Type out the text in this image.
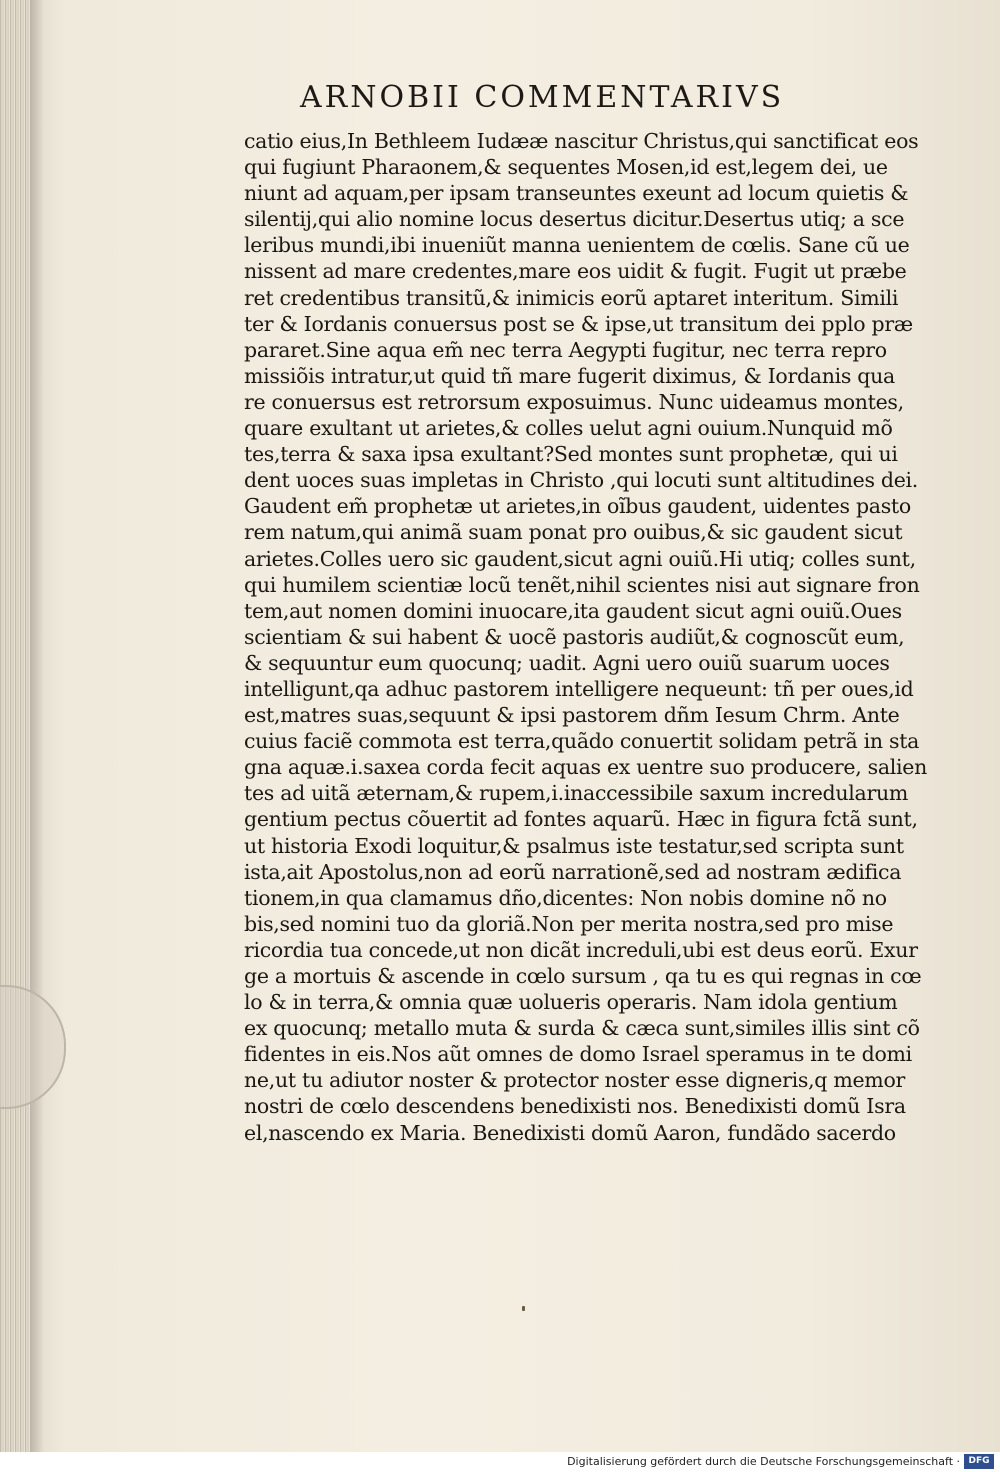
ARNOBII COMMENTARIVS
catio eius,In Bethleem Iudææ nascitur Christus,qui sanctificat eos
qui fugiunt Pharaonem,& sequentes Mosen,id est,legem dei, ue
niunt ad aquam,per ipsam transeuntes exeunt ad locum quietis &
silentij,qui alio nomine locus desertus dicitur.Desertus utiq; a sce
leribus mundi,ibi inueniũt manna uenientem de cœlis. Sane cũ ue
nissent ad mare credentes,mare eos uidit & fugit. Fugit ut præbe
ret credentibus transitũ,& inimicis eorũ aptaret interitum. Simili
ter & Iordanis conuersus post se & ipse,ut transitum dei pplo præ
pararet.Sine aqua em̃ nec terra Aegypti fugitur, nec terra repro
missiõis intratur,ut quid tñ mare fugerit diximus, & Iordanis qua
re conuersus est retrorsum exposuimus. Nunc uideamus montes,
quare exultant ut arietes,& colles uelut agni ouium.Nunquid mõ
tes,terra & saxa ipsa exultant?Sed montes sunt prophetæ, qui ui
dent uoces suas impletas in Christo ,qui locuti sunt altitudines dei.
Gaudent em̃ prophetæ ut arietes,in oĩbus gaudent, uidentes pasto
rem natum,qui animã suam ponat pro ouibus,& sic gaudent sicut
arietes.Colles uero sic gaudent,sicut agni ouiũ.Hi utiq; colles sunt,
qui humilem scientiæ locũ tenẽt,nihil scientes nisi aut signare fron
tem,aut nomen domini inuocare,ita gaudent sicut agni ouiũ.Oues
scientiam & sui habent & uocẽ pastoris audiũt,& cognoscũt eum,
& sequuntur eum quocunq; uadit. Agni uero ouiũ suarum uoces
intelligunt,qa adhuc pastorem intelligere nequeunt: tñ per oues,id
est,matres suas,sequunt & ipsi pastorem dñm Iesum Chrm. Ante
cuius faciẽ commota est terra,quãdo conuertit solidam petrã in sta
gna aquæ.i.saxea corda fecit aquas ex uentre suo producere, salien
tes ad uitã æternam,& rupem,i.inaccessibile saxum incredularum
gentium pectus cõuertit ad fontes aquarũ. Hæc in figura fctã sunt,
ut historia Exodi loquitur,& psalmus iste testatur,sed scripta sunt
ista,ait Apostolus,non ad eorũ narrationẽ,sed ad nostram ædifica
tionem,in qua clamamus dño,dicentes: Non nobis domine nõ no
bis,sed nomini tuo da gloriã.Non per merita nostra,sed pro mise
ricordia tua concede,ut non dicãt increduli,ubi est deus eorũ. Exur
ge a mortuis & ascende in cœlo sursum , qa tu es qui regnas in cœ
lo & in terra,& omnia quæ uolueris operaris. Nam idola gentium
ex quocunq; metallo muta & surda & cæca sunt,similes illis sint cõ
fidentes in eis.Nos aũt omnes de domo Israel speramus in te domi
ne,ut tu adiutor noster & protector noster esse digneris,q memor
nostri de cœlo descendens benedixisti nos. Benedixisti domũ Isra
el,nascendo ex Maria. Benedixisti domũ Aaron, fundãdo sacerdo
Digitalisierung gefördert durch die Deutsche Forschungsgemeinschaft · DFG
